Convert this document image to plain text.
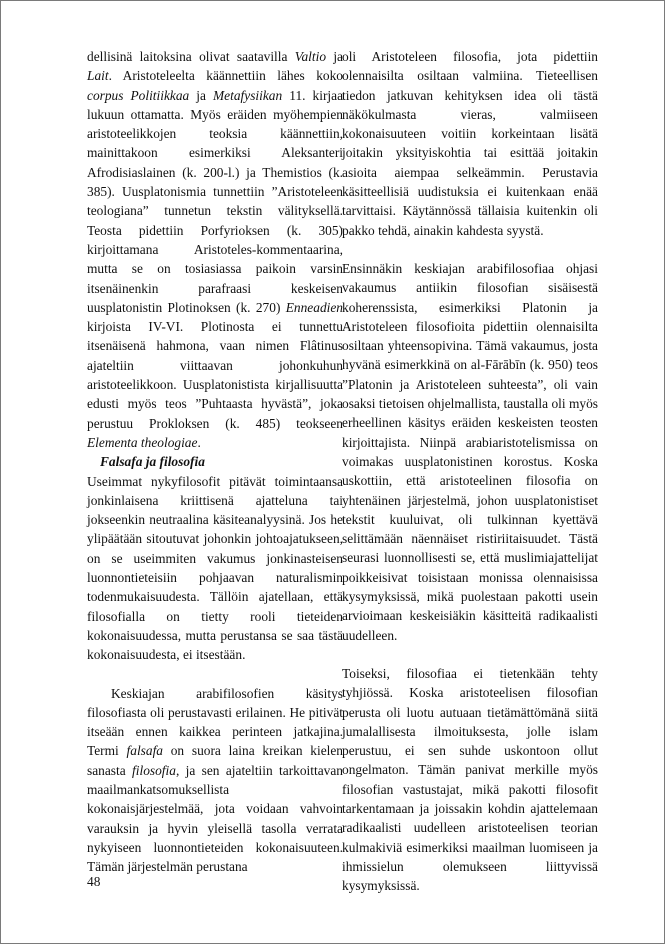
dellisinä laitoksina olivat saatavilla Valtio ja Lait. Aristoteleelta käännettiin lähes koko corpus Politiikkaa ja Metafysiikan 11. kirjaa lukuun ottamatta. Myös eräiden myöhempien aristoteelikkojen teoksia käännettiin, mainittakoon esimerkiksi Aleksanteri Afrodisiaslainen (k. 200-l.) ja Themistios (k. 385). Uusplatonismia tunnettiin ”Aristoteleen teologiana” tunnetun tekstin välityksellä. Teosta pidettiin Porfyrioksen (k. 305) kirjoittamana Aristoteles-kommentaarina, mutta se on tosiasiassa paikoin varsin itsenäinenkin parafraasi keskeisen uusplatonistin Plotinoksen (k. 270) Enneadien kirjoista IV-VI. Plotinosta ei tunnettu itsenäisenä hahmona, vaan nimen Flâtinus ajateltiin viittaavan johonkuhun aristoteelikkoon. Uusplatonistista kirjallisuutta edusti myös teos ”Puhtaasta hyvästä”, joka perustuu Prokloksen (k. 485) teokseen Elementa theologiae.

Falsafa ja filosofia

Useimmat nykyfilosofit pitävät toimintaansa jonkinlaisena kriittisenä ajatteluna tai jokseenkin neutraalina käsiteanalyysinä. Jos he ylipäätään sitoutuvat johonkin johtoajatukseen, on se useimmiten vakumus jonkinasteisen luonnontieteisiin pohjaavan naturalismin todenmukaisuudesta. Tällöin ajatellaan, että filosofialla on tietty rooli tieteiden kokonaisuudessa, mutta perustansa se saa tästä kokonaisuudesta, ei itsestään.

Keskiajan arabifilosofien käsitys filosofiasta oli perustavasti erilainen. He pitivät itseään ennen kaikkea perinteen jatkajina. Termi falsafa on suora laina kreikan kielen sanasta filosofia, ja sen ajateltiin tarkoittavan maailmankatsomuksellista kokonaisjärjestelmää, jota voidaan vahvoin varauksin ja hyvin yleisellä tasolla verrata nykyiseen luonnontieteiden kokonaisuuteen. Tämän järjestelmän perustana

oli Aristoteleen filosofia, jota pidettiin olennaisilta osiltaan valmiina. Tieteellisen tiedon jatkuvan kehityksen idea oli tästä näkökulmasta vieras, valmiiseen kokonaisuuteen voitiin korkeintaan lisätä joitakin yksityiskohtia tai esittää joitakin asioita aiempaa selkeämmin. Perustavia käsitteellisiä uudistuksia ei kuitenkaan enää tarvittaisi. Käytännössä tällaisia kuitenkin oli pakko tehdä, ainakin kahdesta syystä.

Ensinnäkin keskiajan arabifilosofiaa ohjasi vakaumus antiikin filosofian sisäisestä koherenssista, esimerkiksi Platonin ja Aristoteleen filosofioita pidettiin olennaisilta osiltaan yhteensopivina. Tämä vakaumus, josta hyvänä esimerkkinä on al-Fārābīn (k. 950) teos ”Platonin ja Aristoteleen suhteesta”, oli vain osaksi tietoisen ohjelmallista, taustalla oli myös erheellinen käsitys eräiden keskeisten teosten kirjoittajista. Niinpä arabiaristotelismissa on voimakas uusplatonistinen korostus. Koska uskottiin, että aristoteelinen filosofia on yhtenäinen järjestelmä, johon uusplatonistiset tekstit kuuluivat, oli tulkinnan kyettävä selittämään näennäiset ristiriitaisuudet. Tästä seurasi luonnollisesti se, että muslimiajattelijat poikkeisivat toisistaan monissa olennaisissa kysymyksissä, mikä puolestaan pakotti usein arvioimaan keskeisiäkin käsitteitä radikaalisti uudelleen.

Toiseksi, filosofiaa ei tietenkään tehty tyhjiössä. Koska aristoteelisen filosofian perusta oli luotu autuaan tietämättömänä siitä jumalallisesta ilmoituksesta, jolle islam perustuu, ei sen suhde uskontoon ollut ongelmaton. Tämän panivat merkille myös filosofian vastustajat, mikä pakotti filosofit tarkentamaan ja joissakin kohdin ajattelemaan radikaalisti uudelleen aristoteelisen teorian kulmakiviä esimerkiksi maailman luomiseen ja ihmissielun olemukseen liittyvissä kysymyksissä.

48
